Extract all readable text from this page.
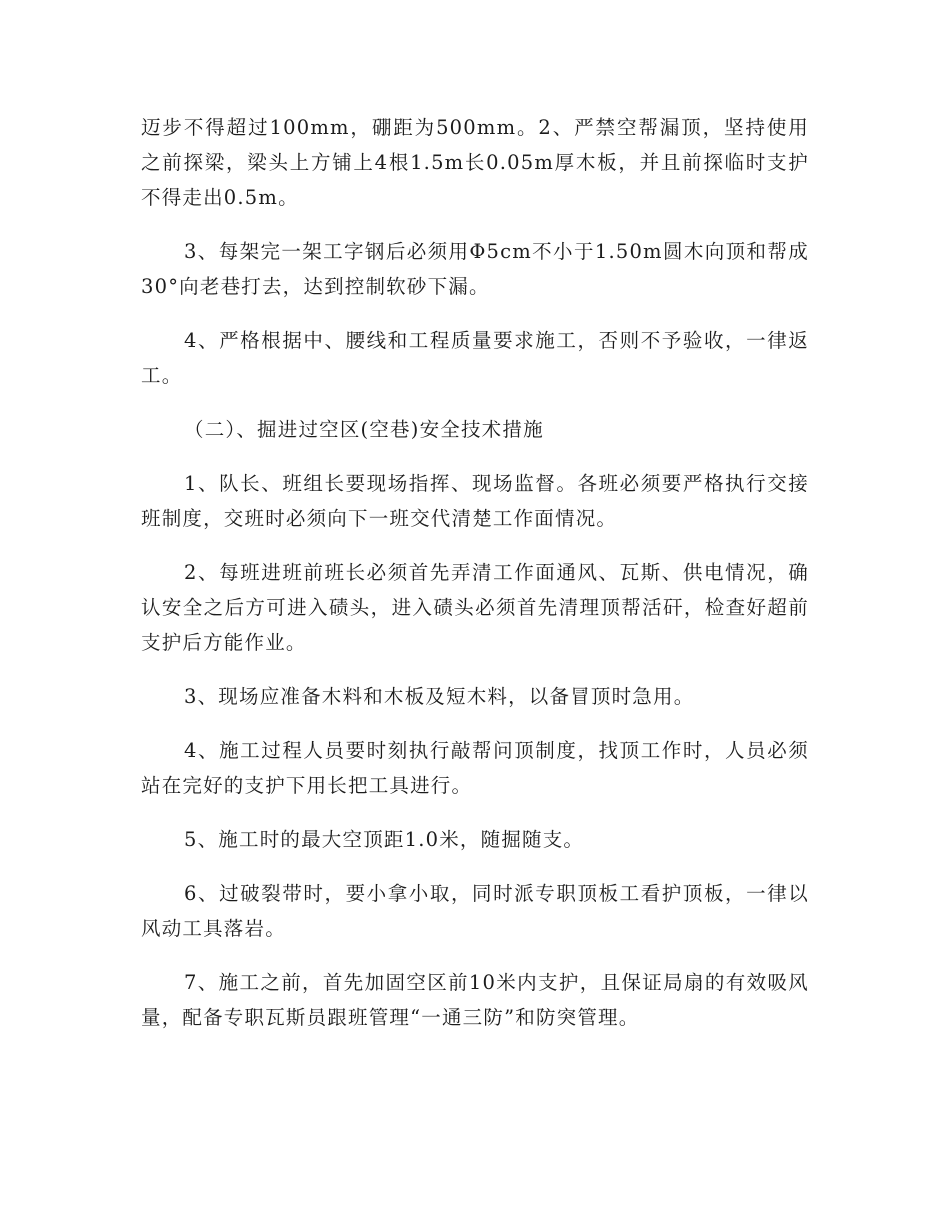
迈步不得超过100mm，硼距为500mm。2、严禁空帮漏顶，坚持使用之前探梁，梁头上方铺上4根1.5m长0.05m厚木板，并且前探临时支护不得走出0.5m。

3、每架完一架工字钢后必须用Φ5cm不小于1.50m圆木向顶和帮成30°向老巷打去，达到控制软砂下漏。

4、严格根据中、腰线和工程质量要求施工，否则不予验收，一律返工。

（二）、掘进过空区(空巷)安全技术措施

1、队长、班组长要现场指挥、现场监督。各班必须要严格执行交接班制度，交班时必须向下一班交代清楚工作面情况。

2、每班进班前班长必须首先弄清工作面通风、瓦斯、供电情况，确认安全之后方可进入碛头，进入碛头必须首先清理顶帮活矸，检查好超前支护后方能作业。

3、现场应准备木料和木板及短木料，以备冒顶时急用。

4、施工过程人员要时刻执行敲帮问顶制度，找顶工作时，人员必须站在完好的支护下用长把工具进行。

5、施工时的最大空顶距1.0米，随掘随支。

6、过破裂带时，要小拿小取，同时派专职顶板工看护顶板，一律以风动工具落岩。

7、施工之前，首先加固空区前10米内支护，且保证局扇的有效吸风量，配备专职瓦斯员跟班管理“一通三防”和防突管理。
